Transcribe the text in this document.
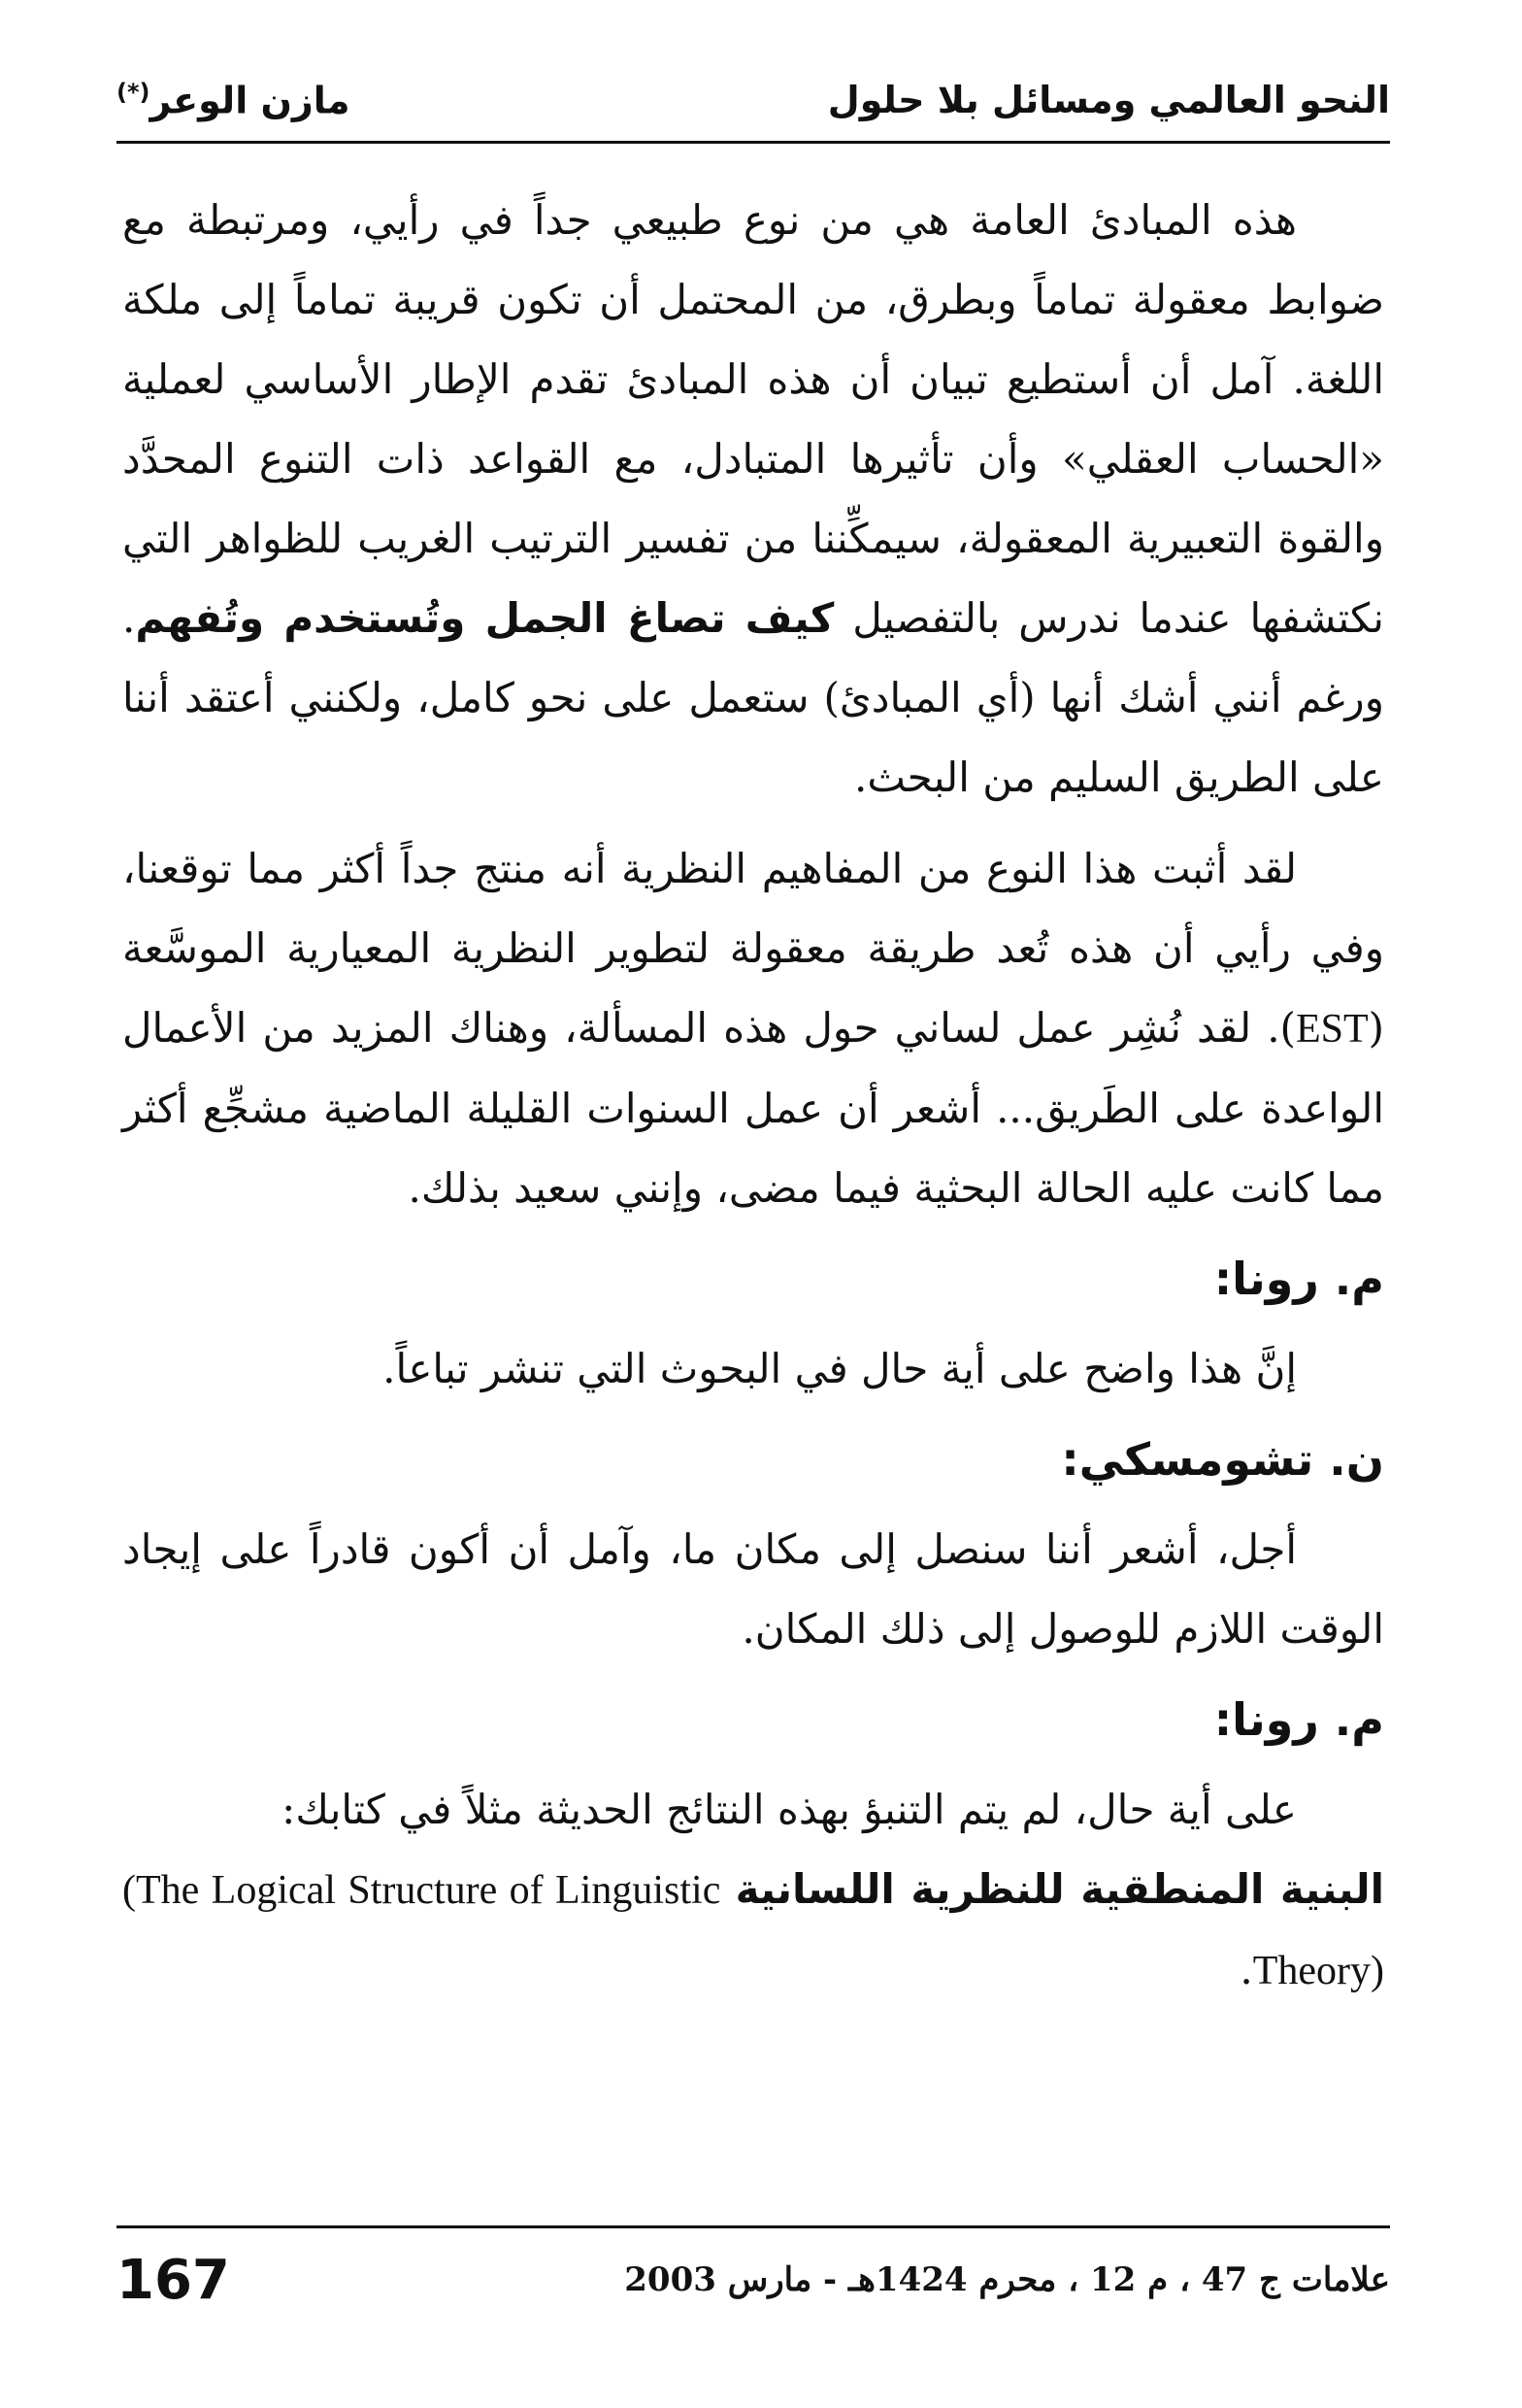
النحو العالمي ومسائل بلا حلول
مازن الوعر(*)

هذه المبادئ العامة هي من نوع طبيعي جداً في رأيي، ومرتبطة مع ضوابط معقولة تماماً وبطرق، من المحتمل أن تكون قريبة تماماً إلى ملكة اللغة. آمل أن أستطيع تبيان أن هذه المبادئ تقدم الإطار الأساسي لعملية «الحساب العقلي» وأن تأثيرها المتبادل، مع القواعد ذات التنوع المحدَّد والقوة التعبيرية المعقولة، سيمكِّننا من تفسير الترتيب الغريب للظواهر التي نكتشفها عندما ندرس بالتفصيل كيف تصاغ الجمل وتُستخدم وتُفهم. ورغم أنني أشك أنها (أي المبادئ) ستعمل على نحو كامل، ولكنني أعتقد أننا على الطريق السليم من البحث.

لقد أثبت هذا النوع من المفاهيم النظرية أنه منتج جداً أكثر مما توقعنا، وفي رأيي أن هذه تُعد طريقة معقولة لتطوير النظرية المعيارية الموسَّعة (EST). لقد نُشِر عمل لساني حول هذه المسألة، وهناك المزيد من الأعمال الواعدة على الطَريق... أشعر أن عمل السنوات القليلة الماضية مشجِّع أكثر مما كانت عليه الحالة البحثية فيما مضى، وإنني سعيد بذلك.

م. رونا:

إنَّ هذا واضح على أية حال في البحوث التي تنشر تباعاً.

ن. تشومسكي:

أجل، أشعر أننا سنصل إلى مكان ما، وآمل أن أكون قادراً على إيجاد الوقت اللازم للوصول إلى ذلك المكان.

م. رونا:

على أية حال، لم يتم التنبؤ بهذه النتائج الحديثة مثلاً في كتابك:

البنية المنطقية للنظرية اللسانية (The Logical Structure of Linguistic Theory).

167	علامات ج 47 ، م 12 ، محرم 1424هـ - مارس 2003
